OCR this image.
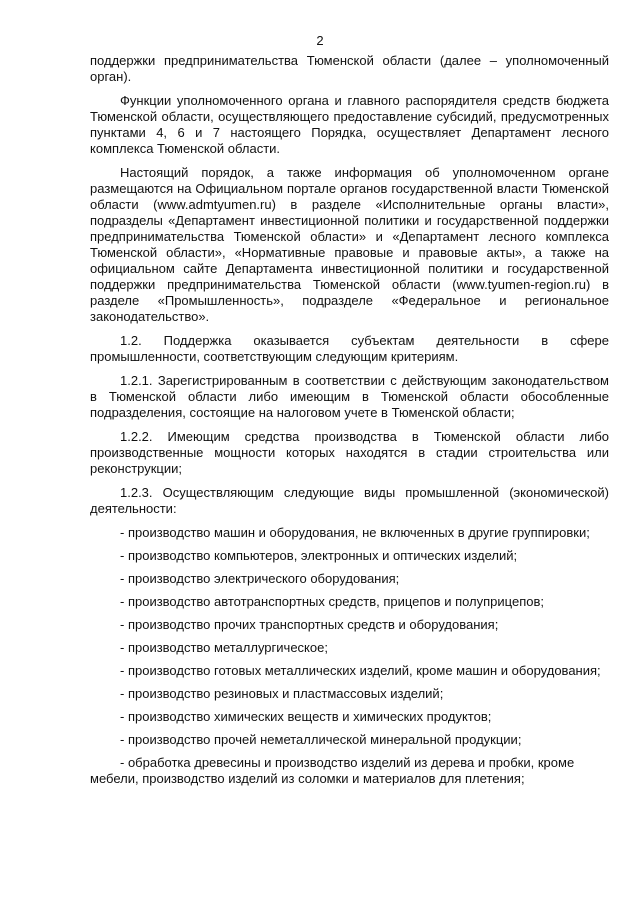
2

поддержки предпринимательства Тюменской области (далее – уполномоченный орган).

Функции уполномоченного органа и главного распорядителя средств бюджета Тюменской области, осуществляющего предоставление субсидий, предусмотренных пунктами 4, 6 и 7 настоящего Порядка, осуществляет Департамент лесного комплекса Тюменской области.

Настоящий порядок, а также информация об уполномоченном органе размещаются на Официальном портале органов государственной власти Тюменской области (www.admtyumen.ru) в разделе «Исполнительные органы власти», подразделы «Департамент инвестиционной политики и государственной поддержки предпринимательства Тюменской области» и «Департамент лесного комплекса Тюменской области», «Нормативные правовые и правовые акты», а также на официальном сайте Департамента инвестиционной политики и государственной поддержки предпринимательства Тюменской области (www.tyumen-region.ru) в разделе «Промышленность», подразделе «Федеральное и региональное законодательство».

1.2. Поддержка оказывается субъектам деятельности в сфере промышленности, соответствующим следующим критериям.

1.2.1. Зарегистрированным в соответствии с действующим законодательством в Тюменской области либо имеющим в Тюменской области обособленные подразделения, состоящие на налоговом учете в Тюменской области;

1.2.2. Имеющим средства производства в Тюменской области либо производственные мощности которых находятся в стадии строительства или реконструкции;

1.2.3. Осуществляющим следующие виды промышленной (экономической) деятельности:

- производство машин и оборудования, не включенных в другие группировки;

- производство компьютеров, электронных и оптических изделий;

- производство электрического оборудования;

- производство автотранспортных средств, прицепов и полуприцепов;

- производство прочих транспортных средств и оборудования;

- производство металлургическое;

- производство готовых металлических изделий, кроме машин и оборудования;

- производство резиновых и пластмассовых изделий;

- производство химических веществ и химических продуктов;

- производство прочей неметаллической минеральной продукции;

- обработка древесины и производство изделий из дерева и пробки, кроме мебели, производство изделий из соломки и материалов для плетения;
